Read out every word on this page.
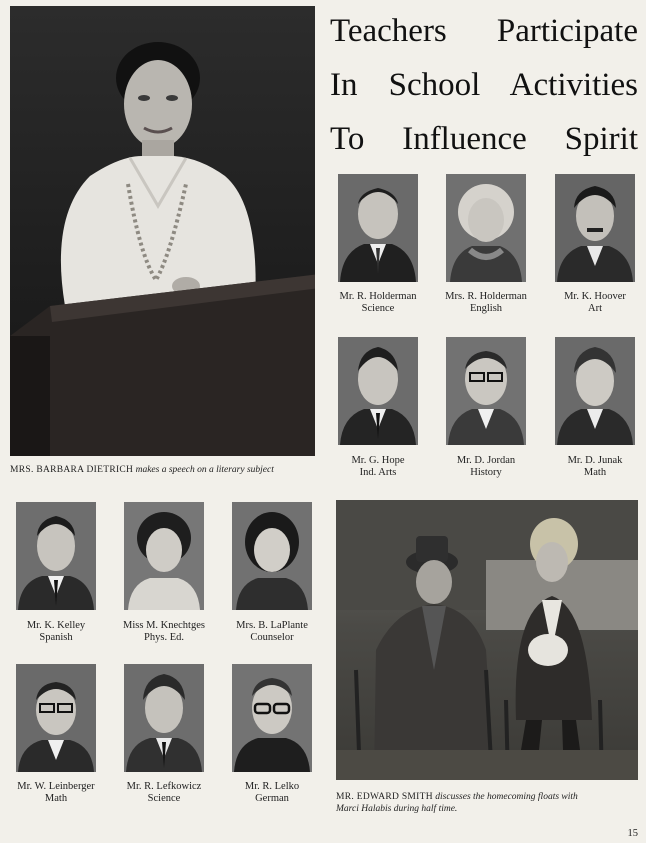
MRS. BARBARA DIETRICH makes a speech on a literary subject
Teachers Participate
In School Activities
To Influence Spirit
Mr. R. Holderman
Science
Mrs. R. Holderman
English
Mr. K. Hoover
Art
Mr. G. Hope
Ind. Arts
Mr. D. Jordan
History
Mr. D. Junak
Math
Mr. K. Kelley
Spanish
Miss M. Knechtges
Phys. Ed.
Mrs. B. LaPlante
Counselor
Mr. W. Leinberger
Math
Mr. R. Lefkowicz
Science
Mr. R. Lelko
German	MR. EDWARD SMITH discusses the homecoming floats with
Marci Halabis during half time.
15
